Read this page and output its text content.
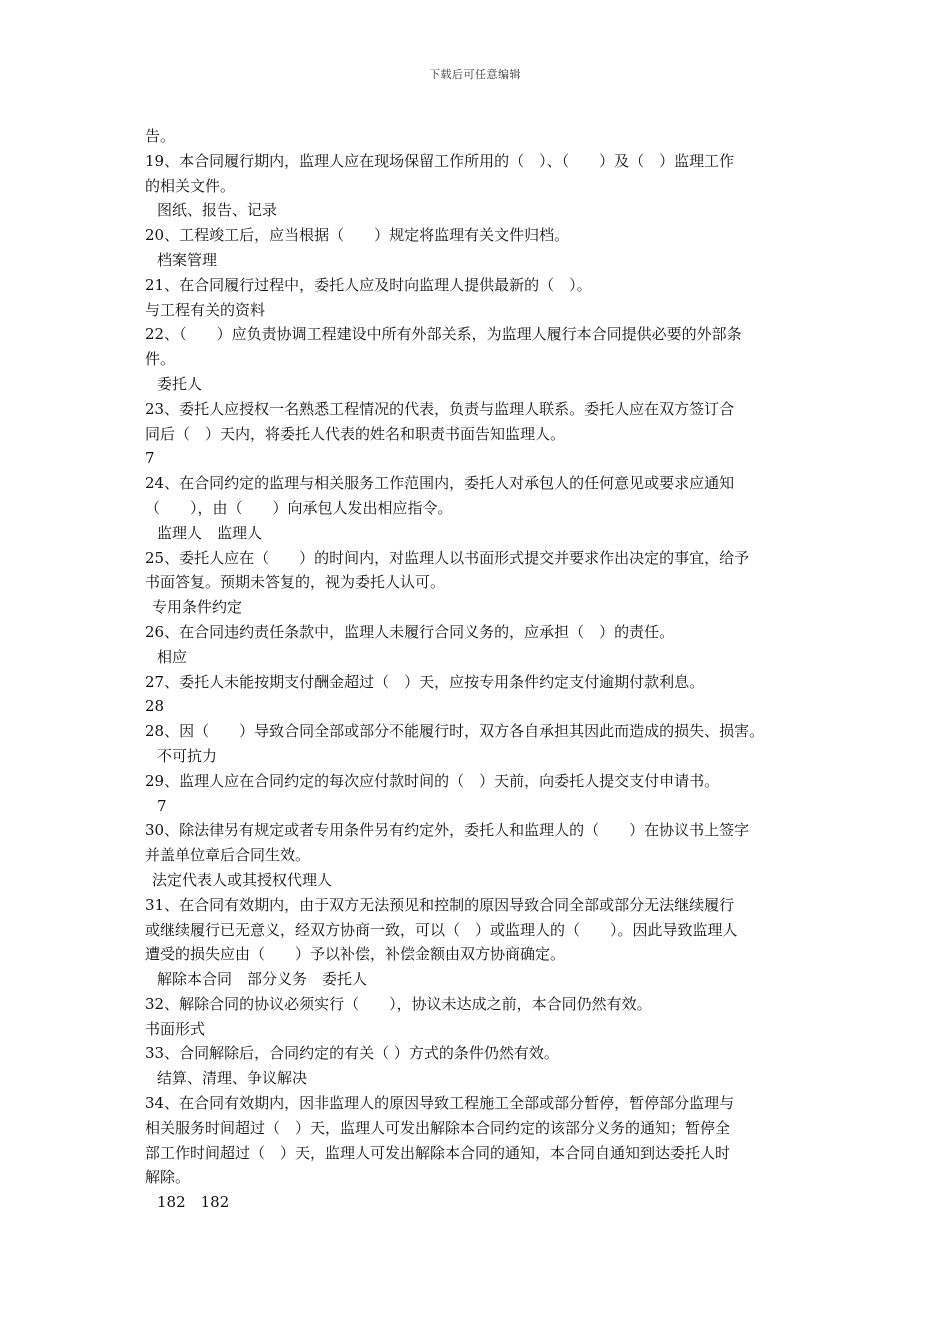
下载后可任意编辑
告。
19、本合同履行期内，监理人应在现场保留工作所用的（　）、（　　）及（　）监理工作
的相关文件。
图纸、报告、记录
20、工程竣工后，应当根据（　　）规定将监理有关文件归档。
档案管理
21、在合同履行过程中，委托人应及时向监理人提供最新的（　）。
与工程有关的资料
22、（　　）应负责协调工程建设中所有外部关系，为监理人履行本合同提供必要的外部条
件。
委托人
23、委托人应授权一名熟悉工程情况的代表，负责与监理人联系。委托人应在双方签订合
同后（　）天内，将委托人代表的姓名和职责书面告知监理人。
7
24、在合同约定的监理与相关服务工作范围内，委托人对承包人的任何意见或要求应通知
（　　），由（　　）向承包人发出相应指令。
监理人　监理人
25、委托人应在（　　）的时间内，对监理人以书面形式提交并要求作出决定的事宜，给予
书面答复。预期未答复的，视为委托人认可。
专用条件约定
26、在合同违约责任条款中，监理人未履行合同义务的，应承担（　）的责任。
相应
27、委托人未能按期支付酬金超过（　）天，应按专用条件约定支付逾期付款利息。
28
28、因（　　）导致合同全部或部分不能履行时，双方各自承担其因此而造成的损失、损害。
不可抗力
29、监理人应在合同约定的每次应付款时间的（　）天前，向委托人提交支付申请书。
7
30、除法律另有规定或者专用条件另有约定外，委托人和监理人的（　　）在协议书上签字
并盖单位章后合同生效。
法定代表人或其授权代理人
31、在合同有效期内，由于双方无法预见和控制的原因导致合同全部或部分无法继续履行
或继续履行已无意义，经双方协商一致，可以（　）或监理人的（　　）。因此导致监理人
遭受的损失应由（　　）予以补偿，补偿金额由双方协商确定。
解除本合同　部分义务　委托人
32、解除合同的协议必须实行（　　），协议未达成之前，本合同仍然有效。
书面形式
33、合同解除后，合同约定的有关（ ）方式的条件仍然有效。
结算、清理、争议解决
34、在合同有效期内，因非监理人的原因导致工程施工全部或部分暂停，暂停部分监理与
相关服务时间超过（　）天，监理人可发出解除本合同约定的该部分义务的通知；暂停全
部工作时间超过（　）天，监理人可发出解除本合同的通知，本合同自通知到达委托人时
解除。
182　182
